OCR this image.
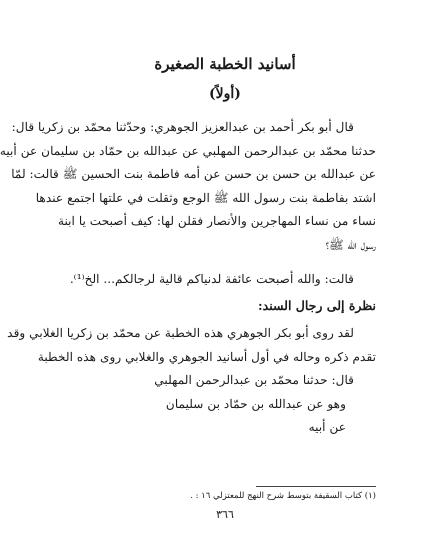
أسانيد الخطبة الصغيرة
(أولاً)
قال أبو بكر أحمد بن عبدالعزيز الجوهري: وحدّثنا محمّد بن زكريا قال:
حدثنا محمّد بن عبدالرحمن المهلبي عن عبدالله بن حمّاد بن سليمان عن أبيه
عن عبدالله بن حسن بن حسن عن أمه فاطمة بنت الحسين ﷺ قالت: لمّا
اشتد بفاطمة بنت رسول الله ﷺ الوجع وثقلت في علتها اجتمع عندها
نساء من نساء المهاجرين والأنصار فقلن لها: كيف أصبحت يا ابنة
رسول الله ﷺ؟
قالت: والله أصبحت عائفة لدنياكم قالية لرجالكم... الخ⁽¹⁾.
نظرة إلى رجال السند:
لقد روى أبو بكر الجوهري هذه الخطبة عن محمّد بن زكريا الغلابي وقد
تقدم ذكره وحاله في أول أسانيد الجوهري والغلابي روى هذه الخطبة
قال: حدثنا محمّد بن عبدالرحمن المهلبي
وهو عن عبدالله بن حمّاد بن سليمان
عن أبيه
(١) كتاب السقيفة بتوسط شرح النهج للمعتزلي ١٦ : .
٣٦٦
